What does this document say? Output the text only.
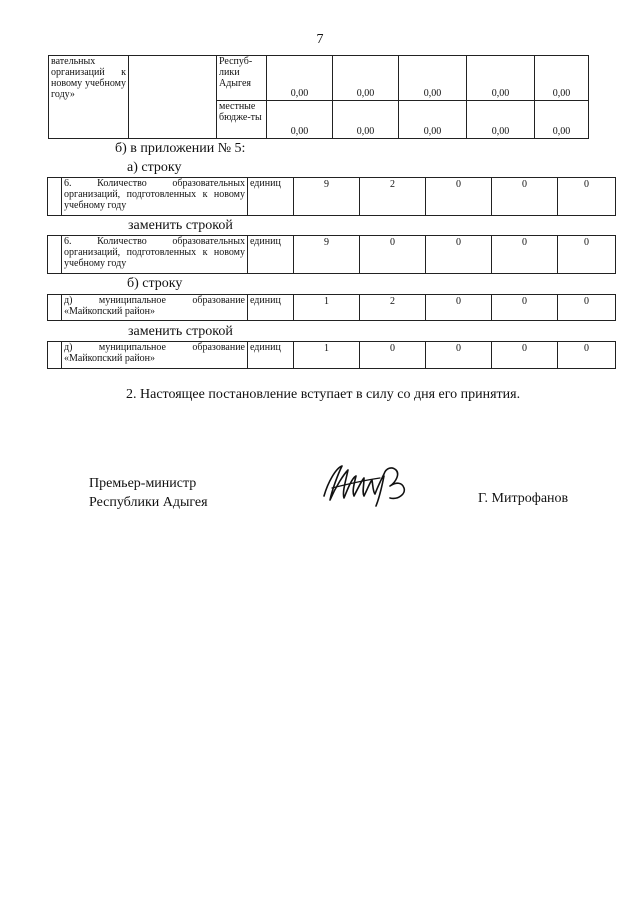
7
вательных организаций к новому учебному году»		Респуб-лики Адыгея	0,00	0,00	0,00	0,00	0,00
		местные бюдже-ты	0,00	0,00	0,00	0,00	0,00
б) в приложении № 5:
а) строку
	6. Количество образовательных организаций, подготовленных к новому учебному году	единиц	9	2	0	0	0
заменить строкой
	6. Количество образовательных организаций, подготовленных к новому учебному году	единиц	9	0	0	0	0
б) строку
	д) муниципальное образование «Майкопский район»	единиц	1	2	0	0	0
заменить строкой
	д) муниципальное образование «Майкопский район»	единиц	1	0	0	0	0
2. Настоящее постановление вступает в силу со дня его принятия.
Премьер-министр
Республики Адыгея	Г. Митрофанов
